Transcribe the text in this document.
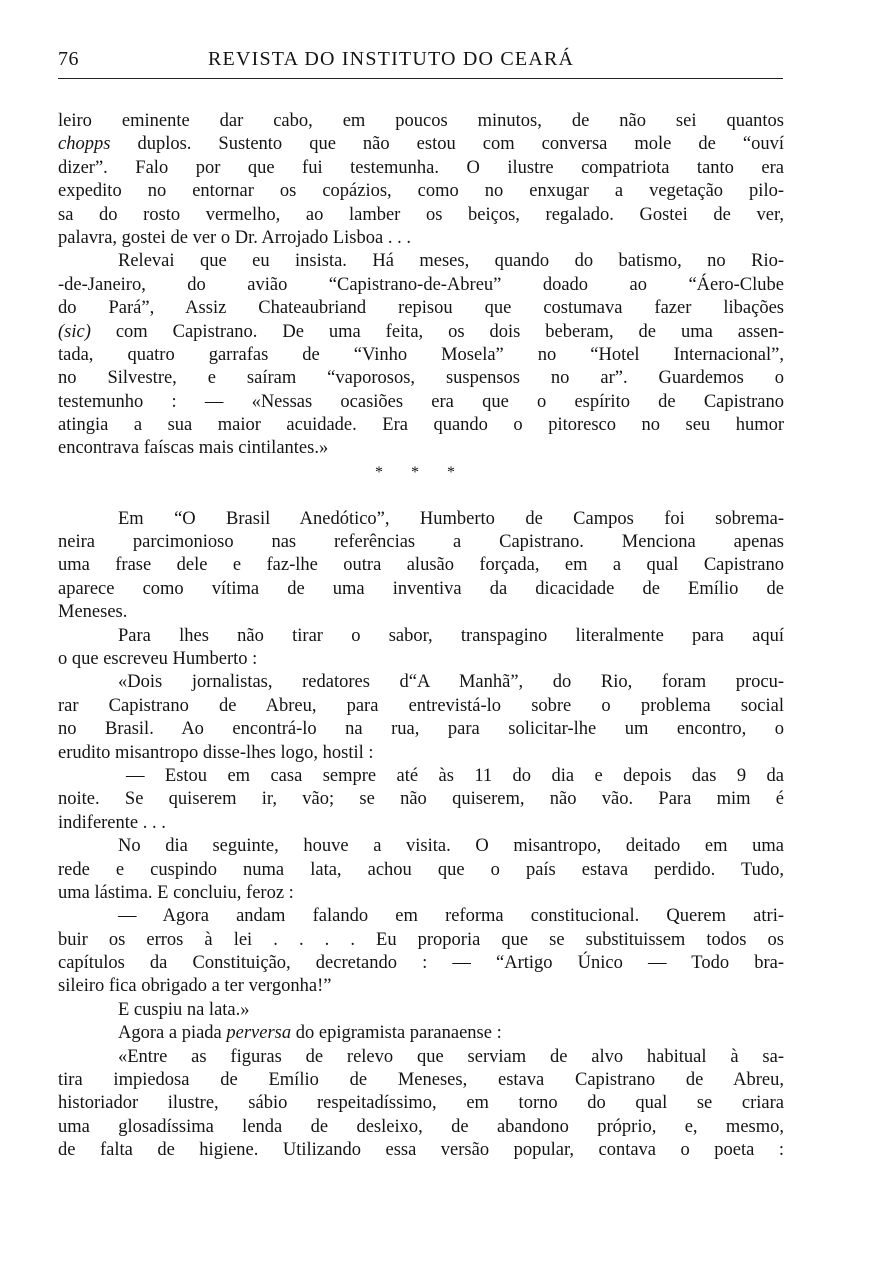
76	REVISTA DO INSTITUTO DO CEARÁ
leiro eminente dar cabo, em poucos minutos, de não sei quantos
chopps duplos. Sustento que não estou com conversa mole de “ouví
dizer”. Falo por que fui testemunha. O ilustre compatriota tanto era
expedito no entornar os copázios, como no enxugar a vegetação pilo-
sa do rosto vermelho, ao lamber os beiços, regalado. Gostei de ver,
palavra, gostei de ver o Dr. Arrojado Lisboa . . .
Relevai que eu insista. Há meses, quando do batismo, no Rio-
-de-Janeiro, do avião “Capistrano-de-Abreu” doado ao “Áero-Clube
do Pará”, Assiz Chateaubriand repisou que costumava fazer libações
(sic) com Capistrano. De uma feita, os dois beberam, de uma assen-
tada, quatro garrafas de “Vinho Mosela” no “Hotel Internacional”,
no Silvestre, e saíram “vaporosos, suspensos no ar”. Guardemos o
testemunho : — «Nessas ocasiões era que o espírito de Capistrano
atingia a sua maior acuidade. Era quando o pitoresco no seu humor
encontrava faíscas mais cintilantes.»
* * *
Em “O Brasil Anedótico”, Humberto de Campos foi sobrema-
neira parcimonioso nas referências a Capistrano. Menciona apenas
uma frase dele e faz-lhe outra alusão forçada, em a qual Capistrano
aparece como vítima de uma inventiva da dicacidade de Emílio de
Meneses.
Para lhes não tirar o sabor, transpagino literalmente para aquí
o que escreveu Humberto :
«Dois jornalistas, redatores d“A Manhã”, do Rio, foram procu-
rar Capistrano de Abreu, para entrevistá-lo sobre o problema social
no Brasil. Ao encontrá-lo na rua, para solicitar-lhe um encontro, o
erudito misantropo disse-lhes logo, hostil :
— Estou em casa sempre até às 11 do dia e depois das 9 da
noite. Se quiserem ir, vão; se não quiserem, não vão. Para mim é
indiferente . . .
No dia seguinte, houve a visita. O misantropo, deitado em uma
rede e cuspindo numa lata, achou que o país estava perdido. Tudo,
uma lástima. E concluiu, feroz :
— Agora andam falando em reforma constitucional. Querem atri-
buir os erros à lei . . . . Eu proporia que se substituissem todos os
capítulos da Constituição, decretando : — “Artigo Único — Todo bra-
sileiro fica obrigado a ter vergonha!”
E cuspiu na lata.»
Agora a piada perversa do epigramista paranaense :
«Entre as figuras de relevo que serviam de alvo habitual à sa-
tira impiedosa de Emílio de Meneses, estava Capistrano de Abreu,
historiador ilustre, sábio respeitadíssimo, em torno do qual se criara
uma glosadíssima lenda de desleixo, de abandono próprio, e, mesmo,
de falta de higiene. Utilizando essa versão popular, contava o poeta :
